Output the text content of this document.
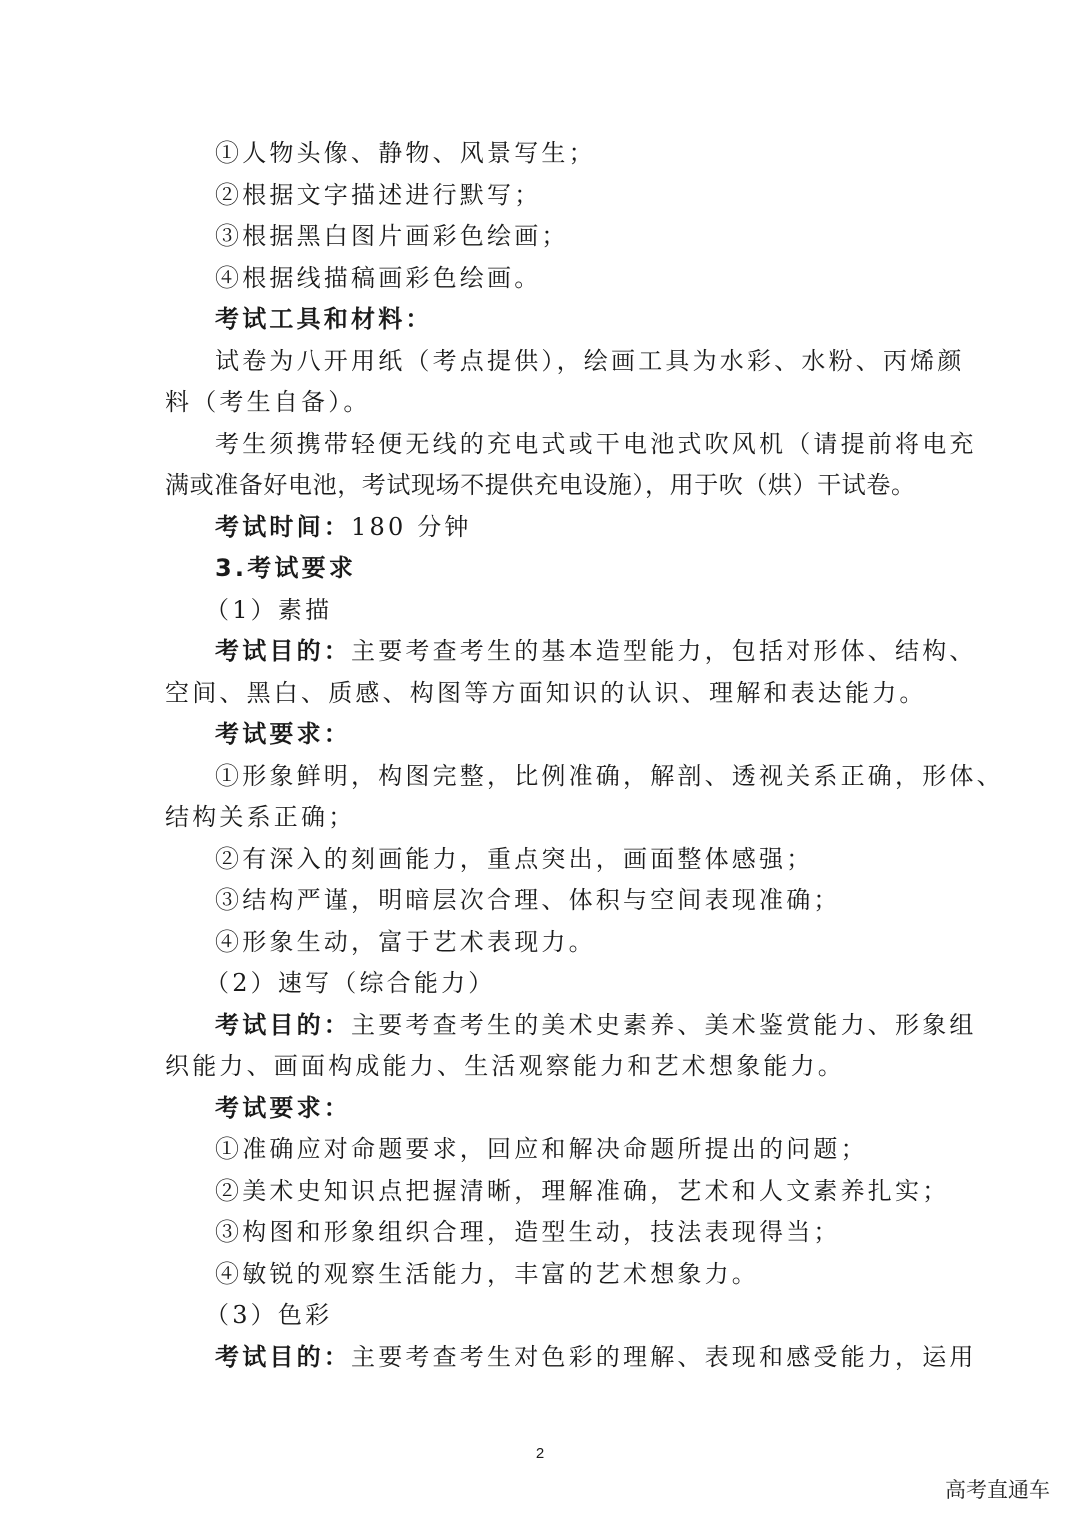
①人物头像、静物、风景写生；
②根据文字描述进行默写；
③根据黑白图片画彩色绘画；
④根据线描稿画彩色绘画。
考试工具和材料：
试卷为八开用纸（考点提供），绘画工具为水彩、水粉、丙烯颜
料（考生自备）。
考生须携带轻便无线的充电式或干电池式吹风机（请提前将电充
满或准备好电池，考试现场不提供充电设施），用于吹（烘）干试卷。
考试时间：180 分钟
3.考试要求
（1）素描
考试目的：主要考查考生的基本造型能力，包括对形体、结构、
空间、黑白、质感、构图等方面知识的认识、理解和表达能力。
考试要求：
①形象鲜明，构图完整，比例准确，解剖、透视关系正确，形体、
结构关系正确；
②有深入的刻画能力，重点突出，画面整体感强；
③结构严谨，明暗层次合理、体积与空间表现准确；
④形象生动，富于艺术表现力。
（2）速写（综合能力）
考试目的：主要考查考生的美术史素养、美术鉴赏能力、形象组
织能力、画面构成能力、生活观察能力和艺术想象能力。
考试要求：
①准确应对命题要求，回应和解决命题所提出的问题；
②美术史知识点把握清晰，理解准确，艺术和人文素养扎实；
③构图和形象组织合理，造型生动，技法表现得当；
④敏锐的观察生活能力，丰富的艺术想象力。
（3）色彩
考试目的：主要考查考生对色彩的理解、表现和感受能力，运用
2
高考直通车
